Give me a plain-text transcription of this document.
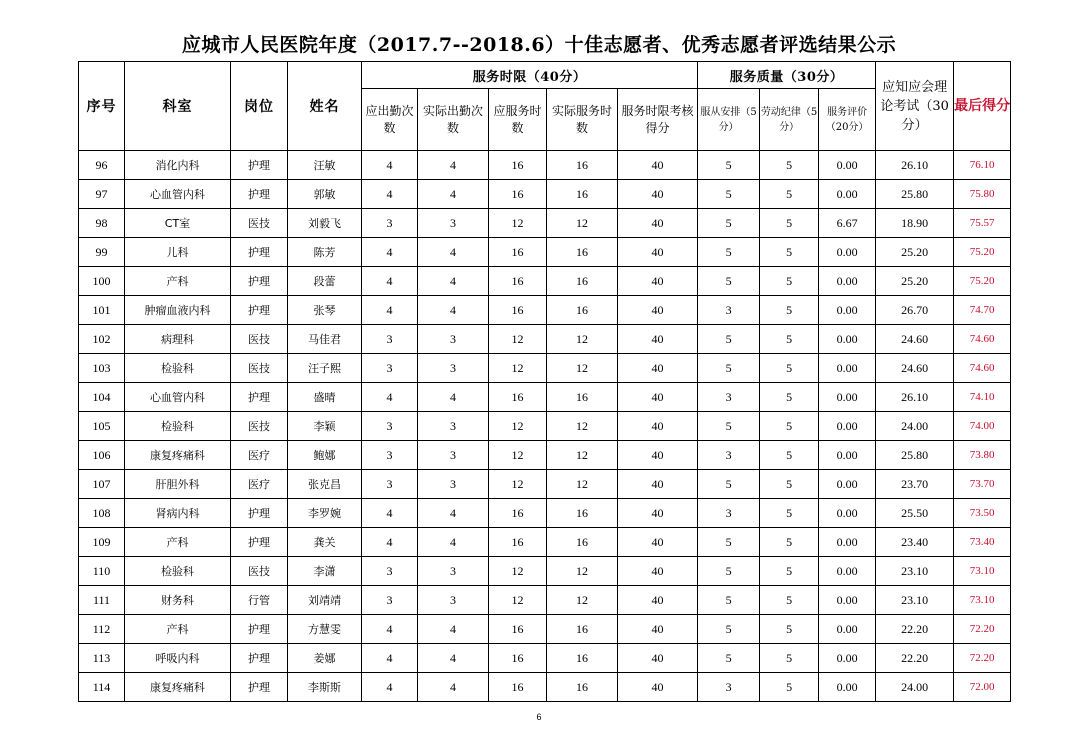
应城市人民医院年度（2017.7--2018.6）十佳志愿者、优秀志愿者评选结果公示
序号	科室	岗位	姓名	服务时限（40分）					服务质量（30分）			应知应会理论考试（30分）	最后得分
				应出勤次数	实际出勤次数	应服务时数	实际服务时数	服务时限考核得分	服从安排（5分）	劳动纪律（5分）	服务评价（20分）		
96	消化内科	护理	汪敏	4	4	16	16	40	5	5	0.00	26.10	76.10
97	心血管内科	护理	郭敏	4	4	16	16	40	5	5	0.00	25.80	75.80
98	CT室	医技	刘毅飞	3	3	12	12	40	5	5	6.67	18.90	75.57
99	儿科	护理	陈芳	4	4	16	16	40	5	5	0.00	25.20	75.20
100	产科	护理	段蕾	4	4	16	16	40	5	5	0.00	25.20	75.20
101	肿瘤血液内科	护理	张琴	4	4	16	16	40	3	5	0.00	26.70	74.70
102	病理科	医技	马佳君	3	3	12	12	40	5	5	0.00	24.60	74.60
103	检验科	医技	汪子熙	3	3	12	12	40	5	5	0.00	24.60	74.60
104	心血管内科	护理	盛晴	4	4	16	16	40	3	5	0.00	26.10	74.10
105	检验科	医技	李颖	3	3	12	12	40	5	5	0.00	24.00	74.00
106	康复疼痛科	医疗	鲍娜	3	3	12	12	40	3	5	0.00	25.80	73.80
107	肝胆外科	医疗	张克昌	3	3	12	12	40	5	5	0.00	23.70	73.70
108	肾病内科	护理	李罗婉	4	4	16	16	40	3	5	0.00	25.50	73.50
109	产科	护理	龚关	4	4	16	16	40	5	5	0.00	23.40	73.40
110	检验科	医技	李潇	3	3	12	12	40	5	5	0.00	23.10	73.10
111	财务科	行管	刘靖靖	3	3	12	12	40	5	5	0.00	23.10	73.10
112	产科	护理	方慧雯	4	4	16	16	40	5	5	0.00	22.20	72.20
113	呼吸内科	护理	姜娜	4	4	16	16	40	5	5	0.00	22.20	72.20
114	康复疼痛科	护理	李斯斯	4	4	16	16	40	3	5	0.00	24.00	72.00
6
